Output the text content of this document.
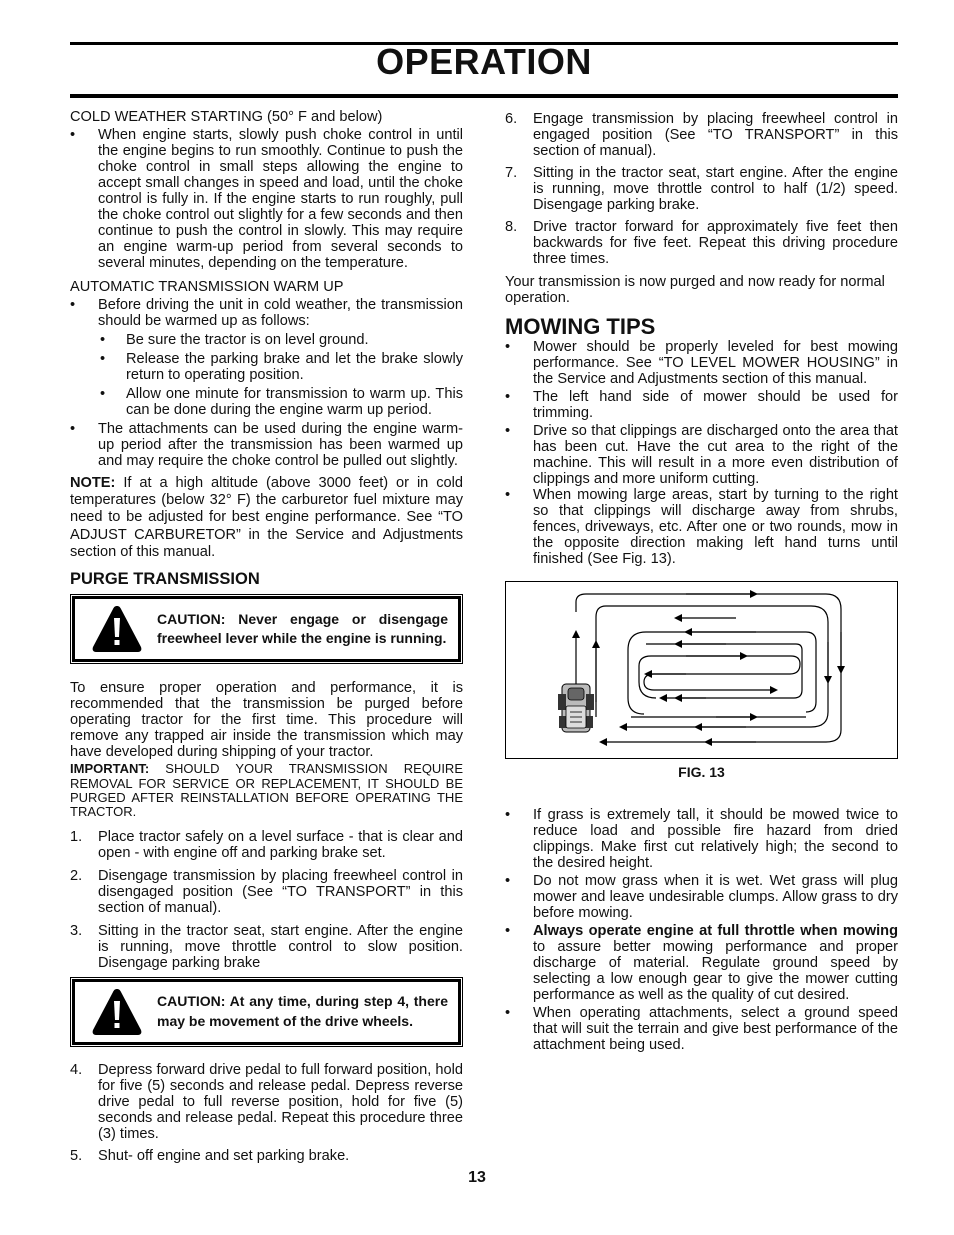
OPERATION

COLD WEATHER STARTING (50° F and below)

• When engine starts, slowly push choke control in until the engine begins to run smoothly. Continue to push the choke control in small steps allowing the engine to accept small changes in speed and load, until the choke control is fully in. If the engine starts to run roughly, pull the choke control out slightly for a few seconds and then continue to push the control in slowly. This may require an engine warm-up period from several seconds to several minutes, depending on the temperature.

AUTOMATIC TRANSMISSION WARM UP

• Before driving the unit in cold weather, the transmission should be warmed up as follows:
• Be sure the tractor is on level ground.
• Release the parking brake and let the brake slowly return to operating position.
• Allow one minute for transmission to warm up. This can be done during the engine warm up period.
• The attachments can be used during the engine warm-up period after the transmission has been warmed up and may require the choke control be pulled out slightly.

NOTE: If at a high altitude (above 3000 feet) or in cold temperatures (below 32° F) the carburetor fuel mixture may need to be adjusted for best engine performance. See “TO ADJUST CARBURETOR” in the Service and Adjustments section of this manual.

PURGE TRANSMISSION
CAUTION: Never engage or disengage freewheel lever while the engine is running.

To ensure proper operation and performance, it is recommended that the transmission be purged before operating tractor for the first time. This procedure will remove any trapped air inside the transmission which may have developed during shipping of your tractor.

IMPORTANT: SHOULD YOUR TRANSMISSION REQUIRE REMOVAL FOR SERVICE OR REPLACEMENT, IT SHOULD BE PURGED AFTER REINSTALLATION BEFORE OPERATING THE TRACTOR.

1. Place tractor safely on a level surface - that is clear and open - with engine off and parking brake set.
2. Disengage transmission by placing freewheel control in disengaged position (See “TO TRANSPORT” in this section of manual).
3. Sitting in the tractor seat, start engine. After the engine is running, move throttle control to slow position. Disengage parking brake
CAUTION: At any time, during step 4, there may be movement of the drive wheels.
4. Depress forward drive pedal to full forward position, hold for five (5) seconds and release pedal. Depress reverse drive pedal to full reverse position, hold for five (5) seconds and release pedal. Repeat this procedure three (3) times.
5. Shut- off engine and set parking brake.
6. Engage transmission by placing freewheel control in engaged position (See “TO TRANSPORT” in this section of manual).
7. Sitting in the tractor seat, start engine. After the engine is running, move throttle control to half (1/2) speed. Disengage parking brake.
8. Drive tractor forward for approximately five feet then backwards for five feet. Repeat this driving procedure three times.

Your transmission is now purged and now ready for normal operation.

MOWING TIPS
• Mower should be properly leveled for best mowing performance. See “TO LEVEL MOWER HOUSING” in the Service and Adjustments section of this manual.
• The left hand side of mower should be used for trimming.
• Drive so that clippings are discharged onto the area that has been cut. Have the cut area to the right of the machine. This will result in a more even distribution of clippings and more uniform cutting.
• When mowing large areas, start by turning to the right so that clippings will discharge away from shrubs, fences, driveways, etc. After one or two rounds, mow in the opposite direction making left hand turns until finished (See Fig. 13).
FIG. 13
• If grass is extremely tall, it should be mowed twice to reduce load and possible fire hazard from dried clippings. Make first cut relatively high; the second to the desired height.
• Do not mow grass when it is wet. Wet grass will plug mower and leave undesirable clumps. Allow grass to dry before mowing.
• Always operate engine at full throttle when mowing to assure better mowing performance and proper discharge of material. Regulate ground speed by selecting a low enough gear to give the mower cutting performance as well as the quality of cut desired.
• When operating attachments, select a ground speed that will suit the terrain and give best performance of the attachment being used.
13
